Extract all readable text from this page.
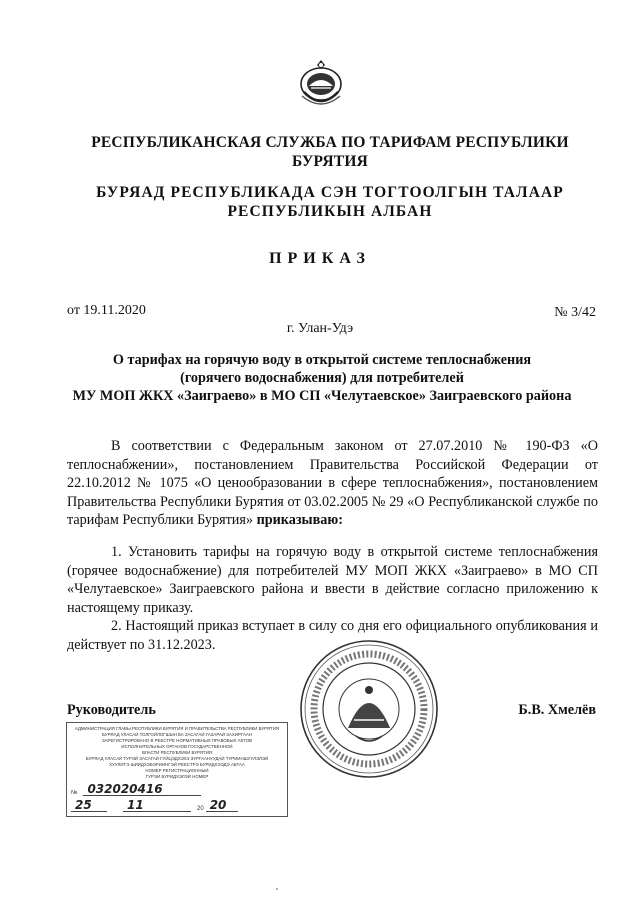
РЕСПУБЛИКАНСКАЯ СЛУЖБА ПО ТАРИФАМ РЕСПУБЛИКИ
БУРЯТИЯ
БУРЯАД РЕСПУБЛИКАДА СЭН ТОГТООЛГЫН ТАЛААР
РЕСПУБЛИКЫН АЛБАН
ПРИКАЗ
от 19.11.2020	№ 3/42
г. Улан-Удэ
О тарифах на горячую воду в открытой системе теплоснабжения
(горячего водоснабжения) для потребителей
МУ МОП ЖКХ «Заиграево» в МО СП «Челутаевское» Заиграевского района
В соответствии с Федеральным законом от 27.07.2010 № 190-ФЗ «О теплоснабжении», постановлением Правительства Российской Федерации от 22.10.2012 № 1075 «О ценообразовании в сфере теплоснабжения», постановлением Правительства Республики Бурятия от 03.02.2005 № 29 «О Республиканской службе по тарифам Республики Бурятия» приказываю:
1. Установить тарифы на горячую воду в открытой системе теплоснабжения (горячее водоснабжение) для потребителей МУ МОП ЖКХ «Заиграево» в МО СП «Челутаевское» Заиграевского района и ввести в действие согласно приложению к настоящему приказу.
2. Настоящий приказ вступает в силу со дня его официального опубликования и действует по 31.12.2023.
Руководитель	Б.В. Хмелёв
АДМИНИСТРАЦИЯ ГЛАВЫ РЕСПУБЛИКИ БУРЯТИЯ И ПРАВИТЕЛЬСТВА РЕСПУБЛИКИ БУРЯТИЯ
БУРЯАД УЛАСАЙ ТОЛГОЙЛОГШЫН БА ЗАСАГАЙ ГАЗАРАЙ ЗАХИРГААН
ЗАРЕГИСТРИРОВАНО В РЕЕСТРЕ НОРМАТИВНЫХ ПРАВОВЫХ АКТОВ
ИСПОЛНИТЕЛЬНЫХ ОРГАНОВ ГОСУДАРСТВЕННОЙ
ВЛАСТИ РЕСПУБЛИКИ БУРЯТИЯ
БУРЯАД УЛАСАЙ ТУРЭЙ ЗАСАГАЙ ГУЙЦЭДХЭХЭ ЗУРГААНУУДАЙ ТУРИИНШУУЛЭЛЭЙ
ХУУЛИТЭ ШИИДХЭБЭРИИНГЭЙ РЕЕСТРЭ БУРИДХЭЭДЭ АБТАА
НОМЕР РЕГИСТРАЦИОННЫЙ
ГУРЭЙ БУРИДХЭЛЭЙ НОМЕР
№ 032020416
25	11	20 20
